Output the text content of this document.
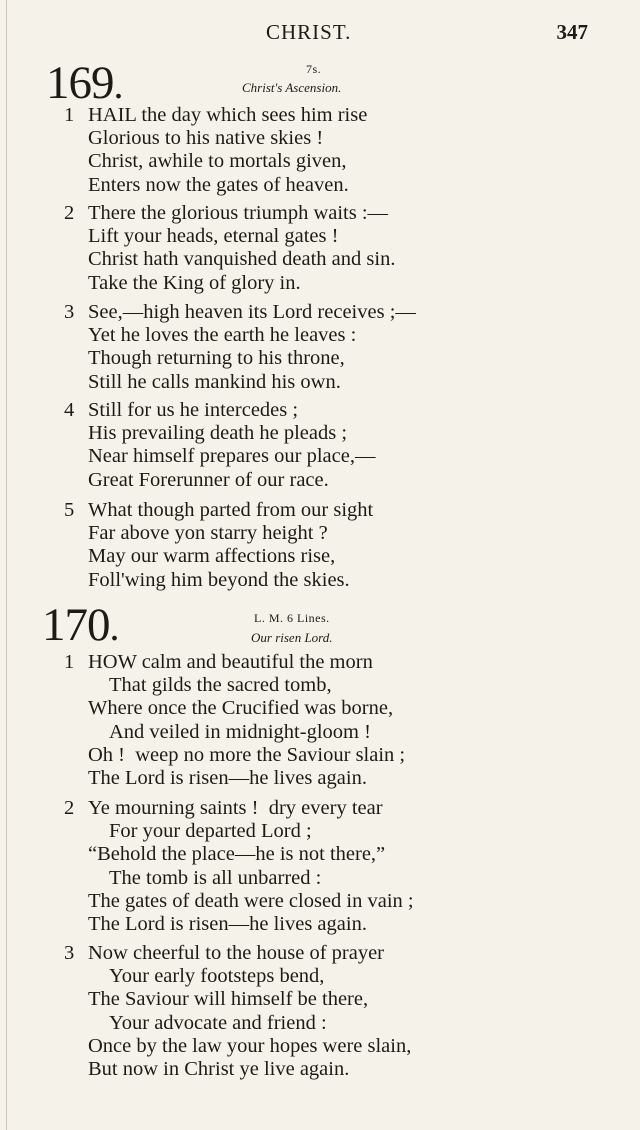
CHRIST.	347
169.	7s.
Christ's Ascension.
1 HAIL the day which sees him rise
Glorious to his native skies !
Christ, awhile to mortals given,
Enters now the gates of heaven.
2 There the glorious triumph waits :—
Lift your heads, eternal gates !
Christ hath vanquished death and sin.
Take the King of glory in.
3 See,—high heaven its Lord receives ;—
Yet he loves the earth he leaves :
Though returning to his throne,
Still he calls mankind his own.
4 Still for us he intercedes ;
His prevailing death he pleads ;
Near himself prepares our place,—
Great Forerunner of our race.
5 What though parted from our sight
Far above yon starry height ?
May our warm affections rise,
Foll'wing him beyond the skies.
170.	L. M. 6 Lines.
Our risen Lord.
1 HOW calm and beautiful the morn
That gilds the sacred tomb,
Where once the Crucified was borne,
And veiled in midnight-gloom !
Oh !  weep no more the Saviour slain ;
The Lord is risen—he lives again.
2 Ye mourning saints !  dry every tear
For your departed Lord ;
“Behold the place—he is not there,”
The tomb is all unbarred :
The gates of death were closed in vain ;
The Lord is risen—he lives again.
3 Now cheerful to the house of prayer
Your early footsteps bend,
The Saviour will himself be there,
Your advocate and friend :
Once by the law your hopes were slain,
But now in Christ ye live again.
